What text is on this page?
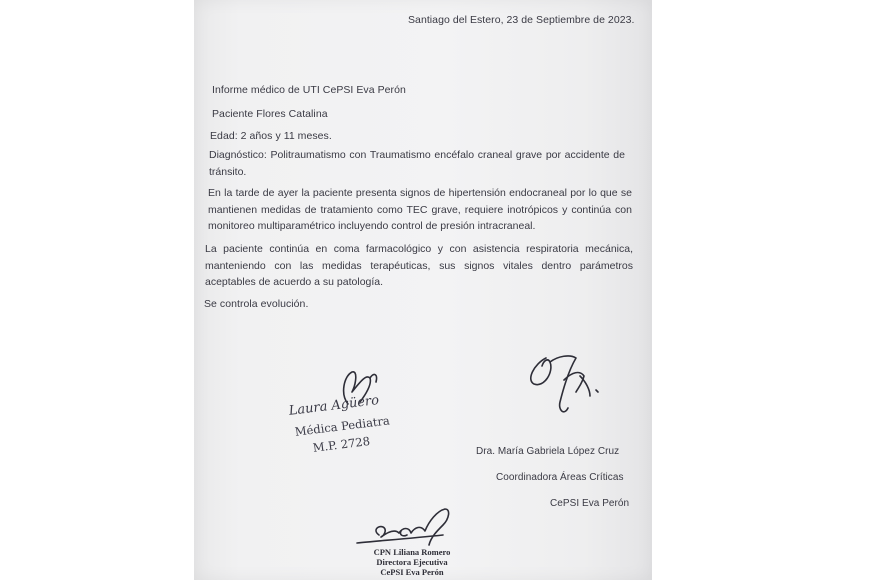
Santiago del Estero, 23 de Septiembre de 2023.
Informe médico de UTI CePSI Eva Perón
Paciente Flores Catalina
Edad: 2 años y 11 meses.
Diagnóstico: Politraumatismo con Traumatismo encéfalo craneal grave por accidente de tránsito.
En la tarde de ayer la paciente presenta signos de hipertensión endocraneal por lo que se mantienen medidas de tratamiento como TEC grave, requiere inotrópicos y continúa con monitoreo multiparamétrico incluyendo control de presión intracraneal.
La paciente continúa en coma farmacológico y con asistencia respiratoria mecánica, manteniendo con las medidas terapéuticas, sus signos vitales dentro parámetros aceptables de acuerdo a su patología.
Se controla evolución.
Laura Agüero
Médica Pediatra
M.P. 2728	Dra. María Gabriela López Cruz
Coordinadora Áreas Críticas
CePSI Eva Perón
CPN Liliana Romero
Directora Ejecutiva
CePSI Eva Perón
